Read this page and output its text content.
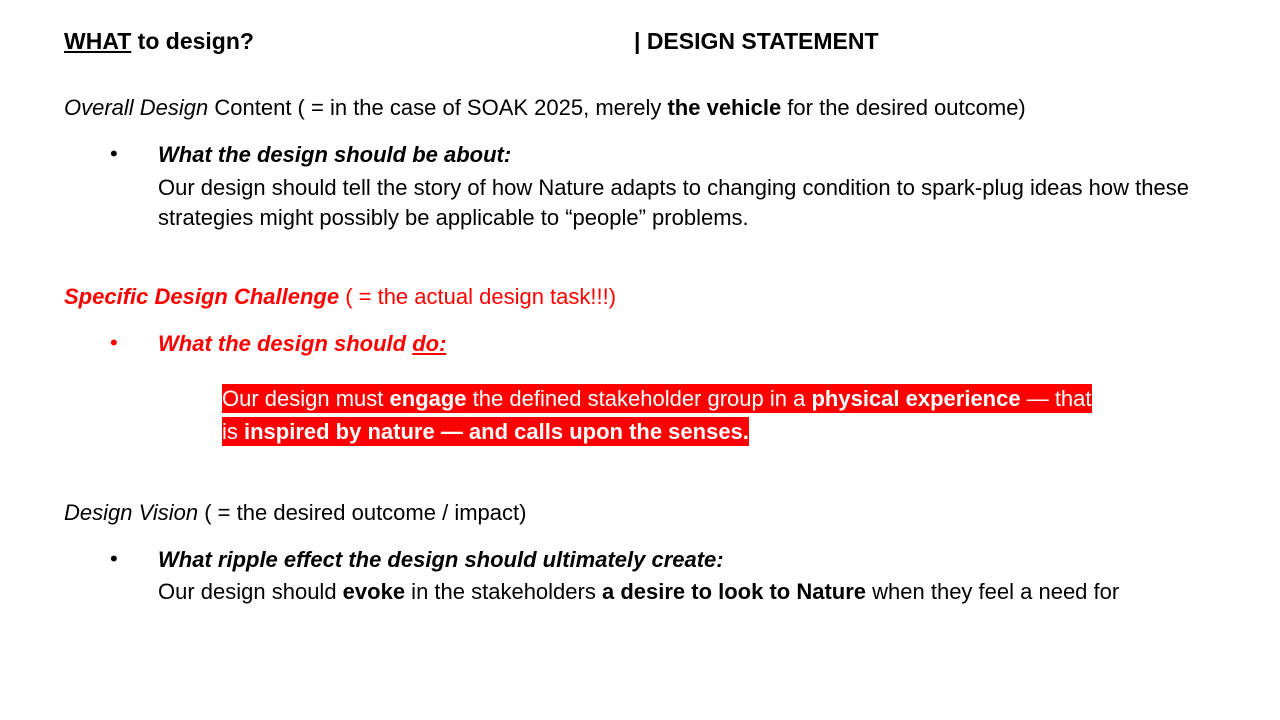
WHAT to design?	| DESIGN STATEMENT
Overall Design Content ( = in the case of SOAK 2025, merely the vehicle for the desired outcome)
•	What the design should be about:
Our design should tell the story of how Nature adapts to changing condition to spark-plug ideas how these strategies might possibly be applicable to “people” problems.
Specific Design Challenge ( = the actual design task!!!)
•	What the design should do:
Our design must engage the defined stakeholder group in a physical experience — that is inspired by nature — and calls upon the senses.
Design Vision ( = the desired outcome / impact)
•	What ripple effect the design should ultimately create:
Our design should evoke in the stakeholders a desire to look to Nature when they feel a need for
